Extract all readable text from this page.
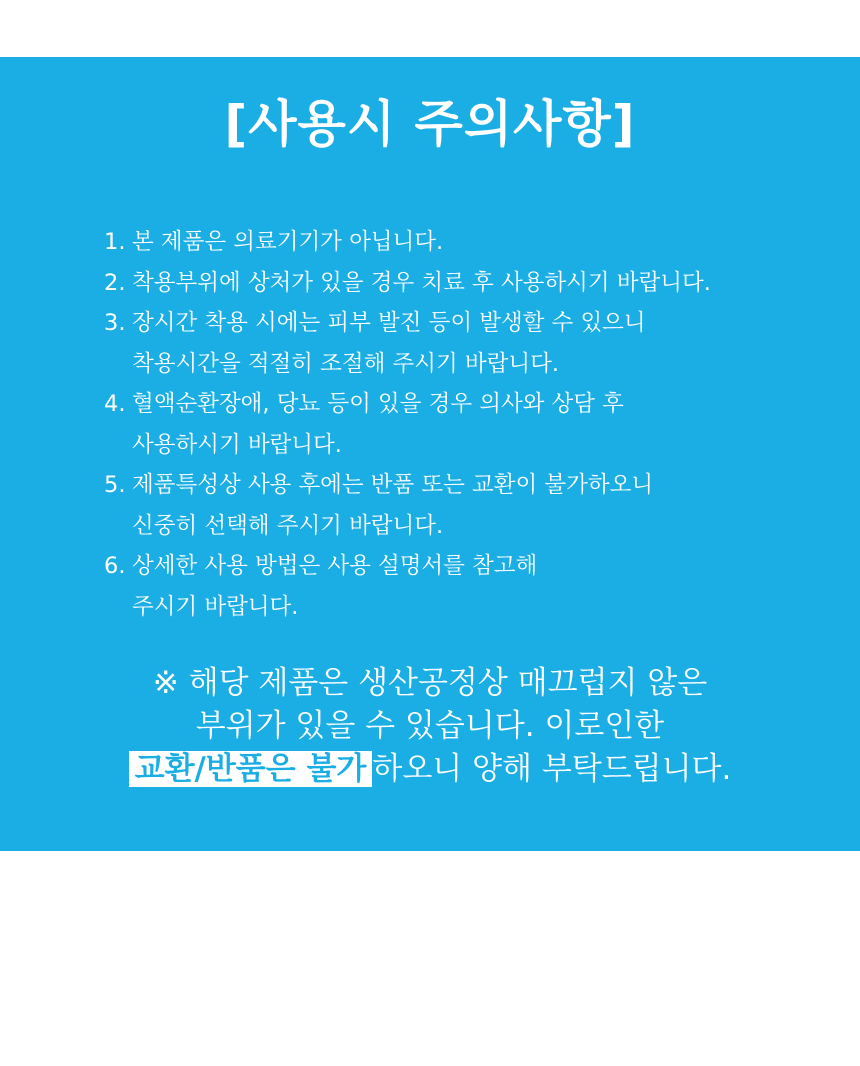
[사용시 주의사항]
1. 본 제품은 의료기기가 아닙니다.
2. 착용부위에 상처가 있을 경우 치료 후 사용하시기 바랍니다.
3. 장시간 착용 시에는 피부 발진 등이 발생할 수 있으니
착용시간을 적절히 조절해 주시기 바랍니다.
4. 혈액순환장애, 당뇨 등이 있을 경우 의사와 상담 후
사용하시기 바랍니다.
5. 제품특성상 사용 후에는 반품 또는 교환이 불가하오니
신중히 선택해 주시기 바랍니다.
6. 상세한 사용 방법은 사용 설명서를 참고해
주시기 바랍니다.
※ 해당 제품은 생산공정상 매끄럽지 않은
부위가 있을 수 있습니다. 이로인한
교환/반품은 불가 하오니 양해 부탁드립니다.
